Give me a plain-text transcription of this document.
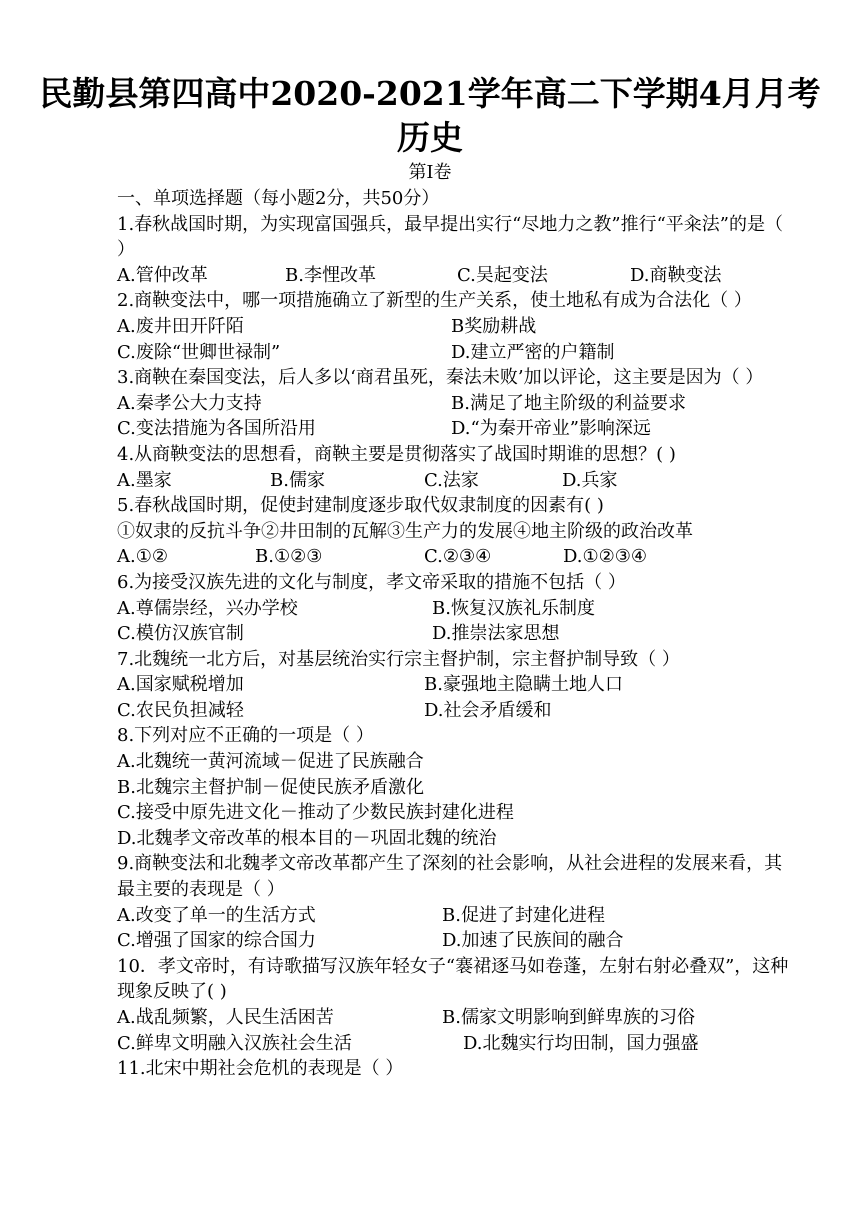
民勤县第四高中2020-2021学年高二下学期4月月考
历史
第Ⅰ卷
一、单项选择题（每小题2分，共50分）
1.春秋战国时期，为实现富国强兵，最早提出实行“尽地力之教”推行“平籴法”的是（ ）
A.管仲改革	B.李悝改革	C.吴起变法	D.商鞅变法
2.商鞅变法中，哪一项措施确立了新型的生产关系，使土地私有成为合法化（ ）
A.废井田开阡陌	B奖励耕战
C.废除“世卿世禄制”	D.建立严密的户籍制
3.商鞅在秦国变法，后人多以‘商君虽死，秦法未败’加以评论，这主要是因为（ ）
A.秦孝公大力支持	B.满足了地主阶级的利益要求
C.变法措施为各国所沿用	D.“为秦开帝业”影响深远
4.从商鞅变法的思想看，商鞅主要是贯彻落实了战国时期谁的思想？( )
A.墨家	B.儒家	C.法家	D.兵家
5.春秋战国时期，促使封建制度逐步取代奴隶制度的因素有( )
①奴隶的反抗斗争②井田制的瓦解③生产力的发展④地主阶级的政治改革
A.①②	B.①②③	C.②③④	D.①②③④
6.为接受汉族先进的文化与制度，孝文帝采取的措施不包括（ ）
A.尊儒崇经，兴办学校	B.恢复汉族礼乐制度
C.模仿汉族官制	D.推崇法家思想
7.北魏统一北方后，对基层统治实行宗主督护制，宗主督护制导致（ ）
A.国家赋税增加	B.豪强地主隐瞒土地人口
C.农民负担减轻	D.社会矛盾缓和
8.下列对应不正确的一项是（ ）
A.北魏统一黄河流域－促进了民族融合
B.北魏宗主督护制－促使民族矛盾激化
C.接受中原先进文化－推动了少数民族封建化进程
D.北魏孝文帝改革的根本目的－巩固北魏的统治
9.商鞅变法和北魏孝文帝改革都产生了深刻的社会影响，从社会进程的发展来看，其最主要的表现是（ ）
A.改变了单一的生活方式	B.促进了封建化进程
C.增强了国家的综合国力	D.加速了民族间的融合
10．孝文帝时，有诗歌描写汉族年轻女子“褰裙逐马如卷蓬，左射右射必叠双”，这种现象反映了( )
A.战乱频繁，人民生活困苦	B.儒家文明影响到鲜卑族的习俗
C.鲜卑文明融入汉族社会生活	D.北魏实行均田制，国力强盛
11.北宋中期社会危机的表现是（ ）
